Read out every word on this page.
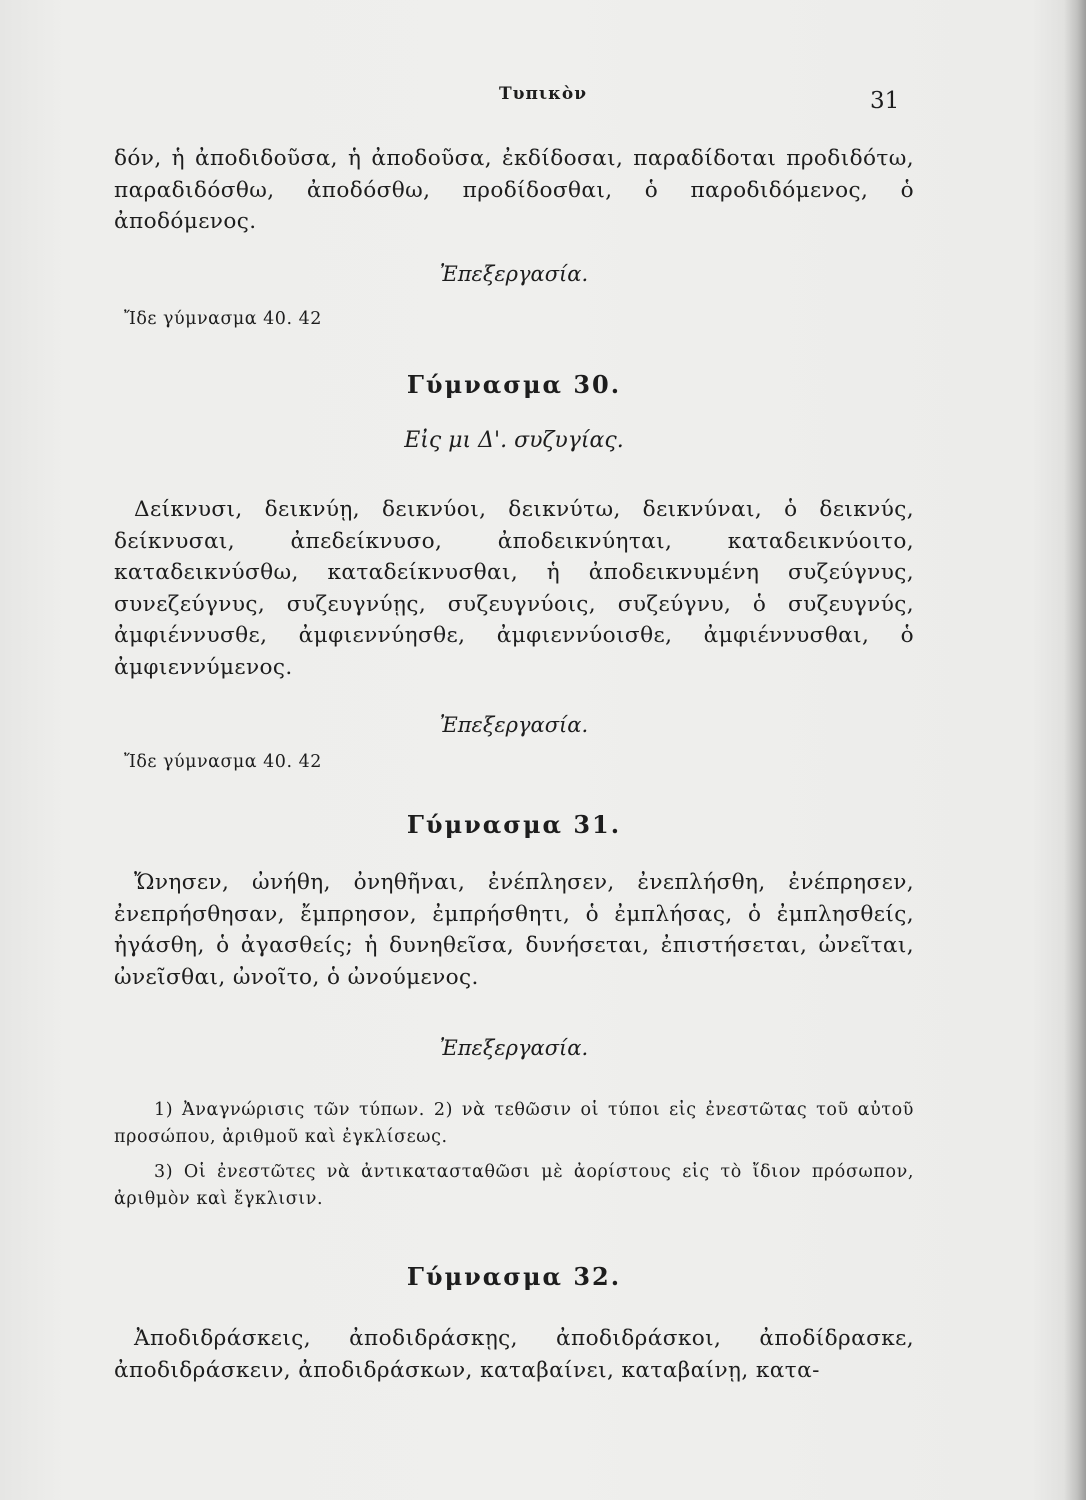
Τυπικὸν	31

δόν, ἡ ἀποδιδοῦσα, ἡ ἀποδοῦσα, ἐκδίδοσαι, παραδίδοται προδιδότω, παραδιδόσθω, ἀποδόσθω, προδίδοσθαι, ὁ παροδιδόμενος, ὁ ἀποδόμενος.

Ἐπεξεργασία.

Ἴδε γύμνασμα 40. 42

Γύμνασμα 30.

Εἰς μι Δ'. συζυγίας.

Δείκνυσι, δεικνύῃ, δεικνύοι, δεικνύτω, δεικνύναι, ὁ δεικνύς, δείκνυσαι, ἀπεδείκνυσο, ἀποδεικνύηται, καταδεικνύοιτο, καταδεικνύσθω, καταδείκνυσθαι, ἡ ἀποδεικνυμένη συζεύγνυς, συνεζεύγνυς, συζευγνύῃς, συζευγνύοις, συζεύγνυ, ὁ συζευγνύς, ἀμφιέννυσθε, ἀμφιεννύησθε, ἀμφιεννύοισθε, ἀμφιέννυσθαι, ὁ ἀμφιεννύμενος.

Ἐπεξεργασία.

Ἴδε γύμνασμα 40. 42

Γύμνασμα 31.

Ὤνησεν, ὠνήθη, ὀνηθῆναι, ἐνέπλησεν, ἐνεπλήσθη, ἐνέπρησεν, ἐνεπρήσθησαν, ἔμπρησον, ἐμπρήσθητι, ὁ ἐμπλήσας, ὁ ἐμπλησθείς, ἠγάσθη, ὁ ἀγασθείς; ἡ δυνηθεῖσα, δυνήσεται, ἐπιστήσεται, ὠνεῖται, ὠνεῖσθαι, ὠνοῖτο, ὁ ὠνούμενος.

Ἐπεξεργασία.

1) Ἀναγνώρισις τῶν τύπων. 2) νὰ τεθῶσιν οἱ τύποι εἰς ἐνεστῶτας τοῦ αὐτοῦ προσώπου, ἀριθμοῦ καὶ ἐγκλίσεως.

3) Οἱ ἐνεστῶτες νὰ ἀντικατασταθῶσι μὲ ἀορίστους εἰς τὸ ἴδιον πρόσωπον, ἀριθμὸν καὶ ἔγκλισιν.

Γύμνασμα 32.

Ἀποδιδράσκεις, ἀποδιδράσκῃς, ἀποδιδράσκοι, ἀποδίδρασκε, ἀποδιδράσκειν, ἀποδιδράσκων, καταβαίνει, καταβαίνῃ, κατα-
